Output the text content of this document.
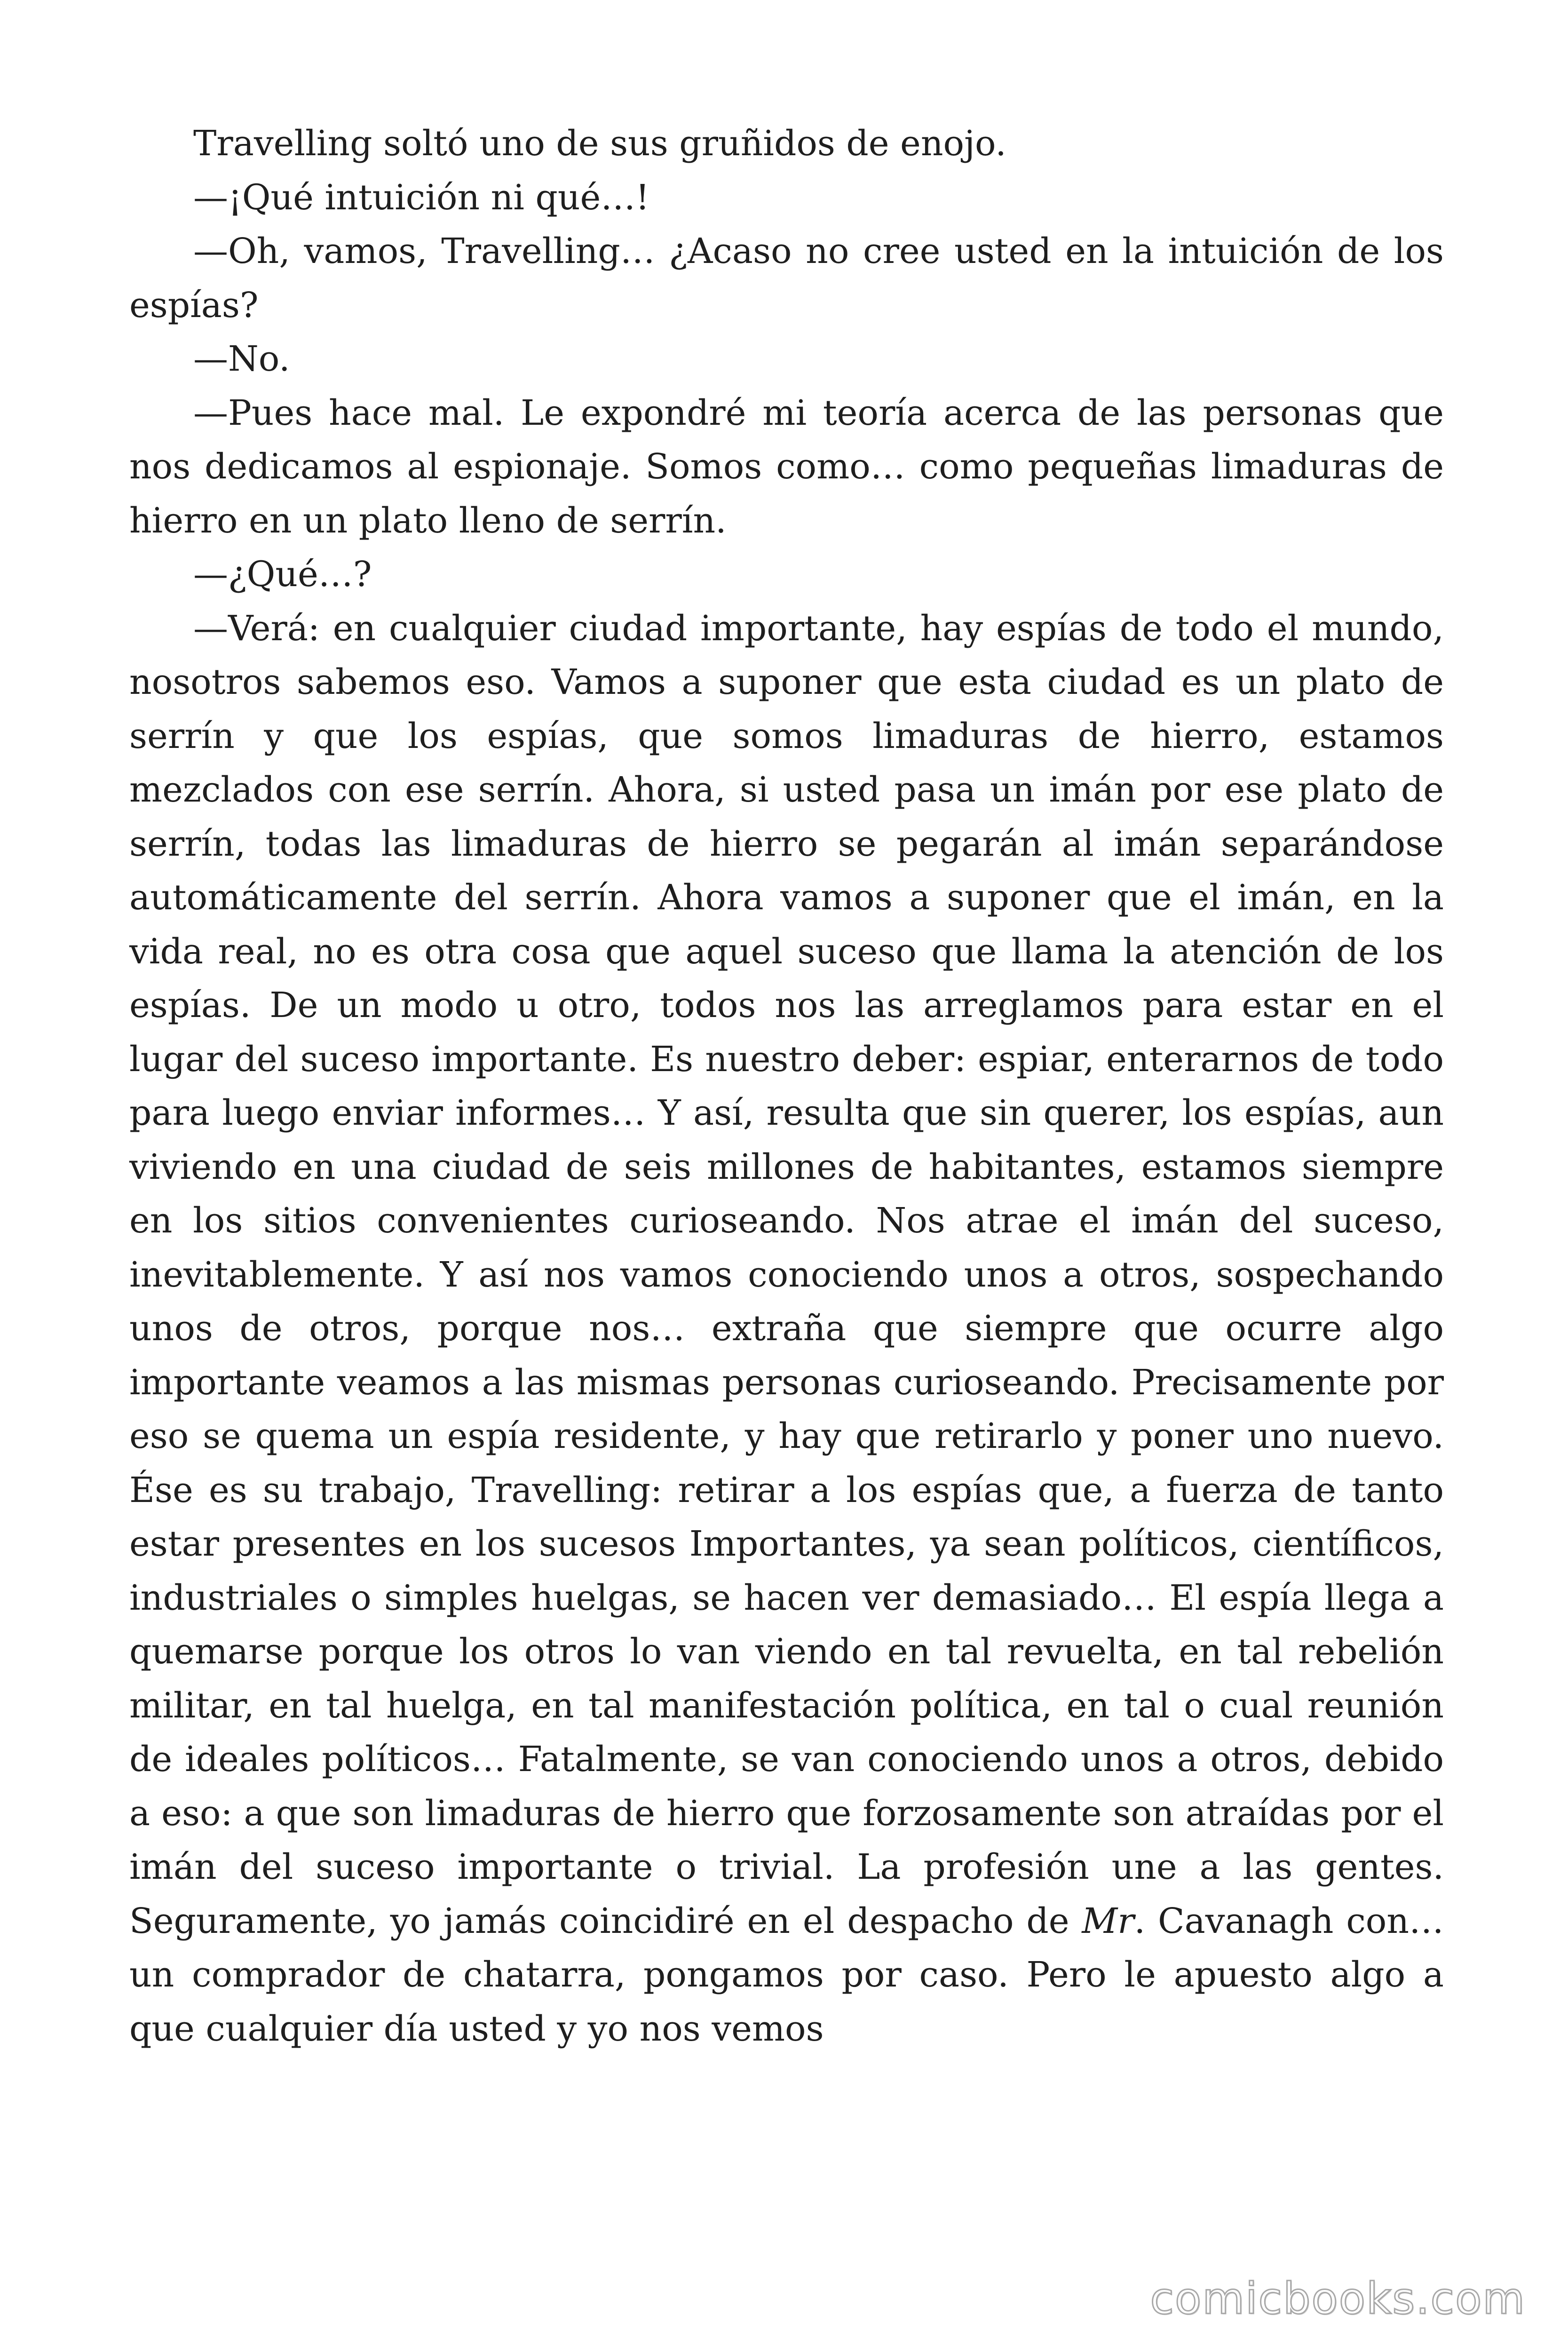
Travelling soltó uno de sus gruñidos de enojo.

—¡Qué intuición ni qué…!

—Oh, vamos, Travelling… ¿Acaso no cree usted en la intuición de los espías?

—No.

—Pues hace mal. Le expondré mi teoría acerca de las personas que nos dedicamos al espionaje. Somos como… como pequeñas limaduras de hierro en un plato lleno de serrín.

—¿Qué…?

—Verá: en cualquier ciudad importante, hay espías de todo el mundo, nosotros sabemos eso. Vamos a suponer que esta ciudad es un plato de serrín y que los espías, que somos limaduras de hierro, estamos mezclados con ese serrín. Ahora, si usted pasa un imán por ese plato de serrín, todas las limaduras de hierro se pegarán al imán separándose automáticamente del serrín. Ahora vamos a suponer que el imán, en la vida real, no es otra cosa que aquel suceso que llama la atención de los espías. De un modo u otro, todos nos las arreglamos para estar en el lugar del suceso importante. Es nuestro deber: espiar, enterarnos de todo para luego enviar informes… Y así, resulta que sin querer, los espías, aun viviendo en una ciudad de seis millones de habitantes, estamos siempre en los sitios convenientes curioseando. Nos atrae el imán del suceso, inevitablemente. Y así nos vamos conociendo unos a otros, sospechando unos de otros, porque nos… extraña que siempre que ocurre algo importante veamos a las mismas personas curioseando. Precisamente por eso se quema un espía residente, y hay que retirarlo y poner uno nuevo. Ése es su trabajo, Travelling: retirar a los espías que, a fuerza de tanto estar presentes en los sucesos Importantes, ya sean políticos, científicos, industriales o simples huelgas, se hacen ver demasiado… El espía llega a quemarse porque los otros lo van viendo en tal revuelta, en tal rebelión militar, en tal huelga, en tal manifestación política, en tal o cual reunión de ideales políticos… Fatalmente, se van conociendo unos a otros, debido a eso: a que son limaduras de hierro que forzosamente son atraídas por el imán del suceso importante o trivial. La profesión une a las gentes. Seguramente, yo jamás coincidiré en el despacho de Mr. Cavanagh con… un comprador de chatarra, pongamos por caso. Pero le apuesto algo a que cualquier día usted y yo nos vemos

comicbooks.com
